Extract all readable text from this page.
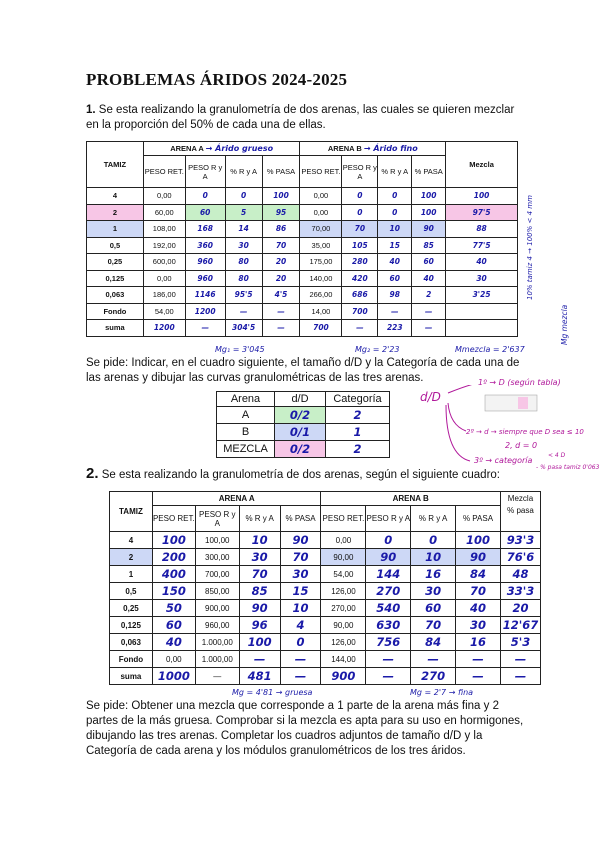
PROBLEMAS ÁRIDOS 2024-2025
1. Se esta realizando la granulometría de dos arenas, las cuales se quieren mezclar en la proporción del 50% de cada una de ellas.
TAMIZ	ARENA A → Árido grueso				ARENA B → Árido fino				Mezcla
	PESO RET.	PESO R y A	% R y A	% PASA	PESO RET.	PESO R y A	% R y A	% PASA	
4	0,00	0	0	100	0,00	0	0	100	100
2	60,00	60	5	95	0,00	0	0	100	97'5
1	108,00	168	14	86	70,00	70	10	90	88
0,5	192,00	360	30	70	35,00	105	15	85	77'5
0,25	600,00	960	80	20	175,00	280	40	60	40
0,125	0,00	960	80	20	140,00	420	60	40	30
0,063	186,00	1146	95'5	4'5	266,00	686	98	2	3'25
Fondo	54,00	1200	—	—	14,00	700	—	—	
suma	1200	—	304'5	—	700	—	223	—	
Mg₁ = 3'045	Mg₂ = 2'23	Mmezcla = 2'637
10% tamiz 4 → 100% < 4 mm
Mg mezcla
Se pide: Indicar, en el cuadro siguiente, el tamaño d/D y la Categoría de cada una de las arenas y dibujar las curvas granulométricas de las tres arenas.
Arena	d/D	Categoría
A	0/2	2
B	0/1	1
MEZCLA	0/2	2
d/D
1º → D (según tabla)
2º → d → siempre que D sea ≤ 10
2, d = 0
3º → categoría
< 4 D
- % pasa tamiz 0'063
2. Se esta realizando la granulometría de dos arenas, según el siguiente cuadro:
TAMIZ	ARENA A				ARENA B				Mezcla
	PESO RET.	PESO R y A	% R y A	% PASA	PESO RET.	PESO R y A	% R y A	% PASA	% pasa
4	100	100,00	10	90	0,00	0	0	100	93'3
2	200	300,00	30	70	90,00	90	10	90	76'6
1	400	700,00	70	30	54,00	144	16	84	48
0,5	150	850,00	85	15	126,00	270	30	70	33'3
0,25	50	900,00	90	10	270,00	540	60	40	20
0,125	60	960,00	96	4	90,00	630	70	30	12'67
0,063	40	1.000,00	100	0	126,00	756	84	16	5'3
Fondo	0,00	1.000,00	—	—	144,00	—	—	—	—
suma	1000	—	481	—	900	—	270	—	—
Mg = 4'81 → gruesa	Mg = 2'7 → fina
Se pide: Obtener una mezcla que corresponde a 1 parte de la arena más fina y 2 partes de la más gruesa. Comprobar si la mezcla es apta para su uso en hormigones, dibujando las tres arenas. Completar los cuadros adjuntos de tamaño d/D y la Categoría de cada arena y los módulos granulométricos de los tres áridos.
